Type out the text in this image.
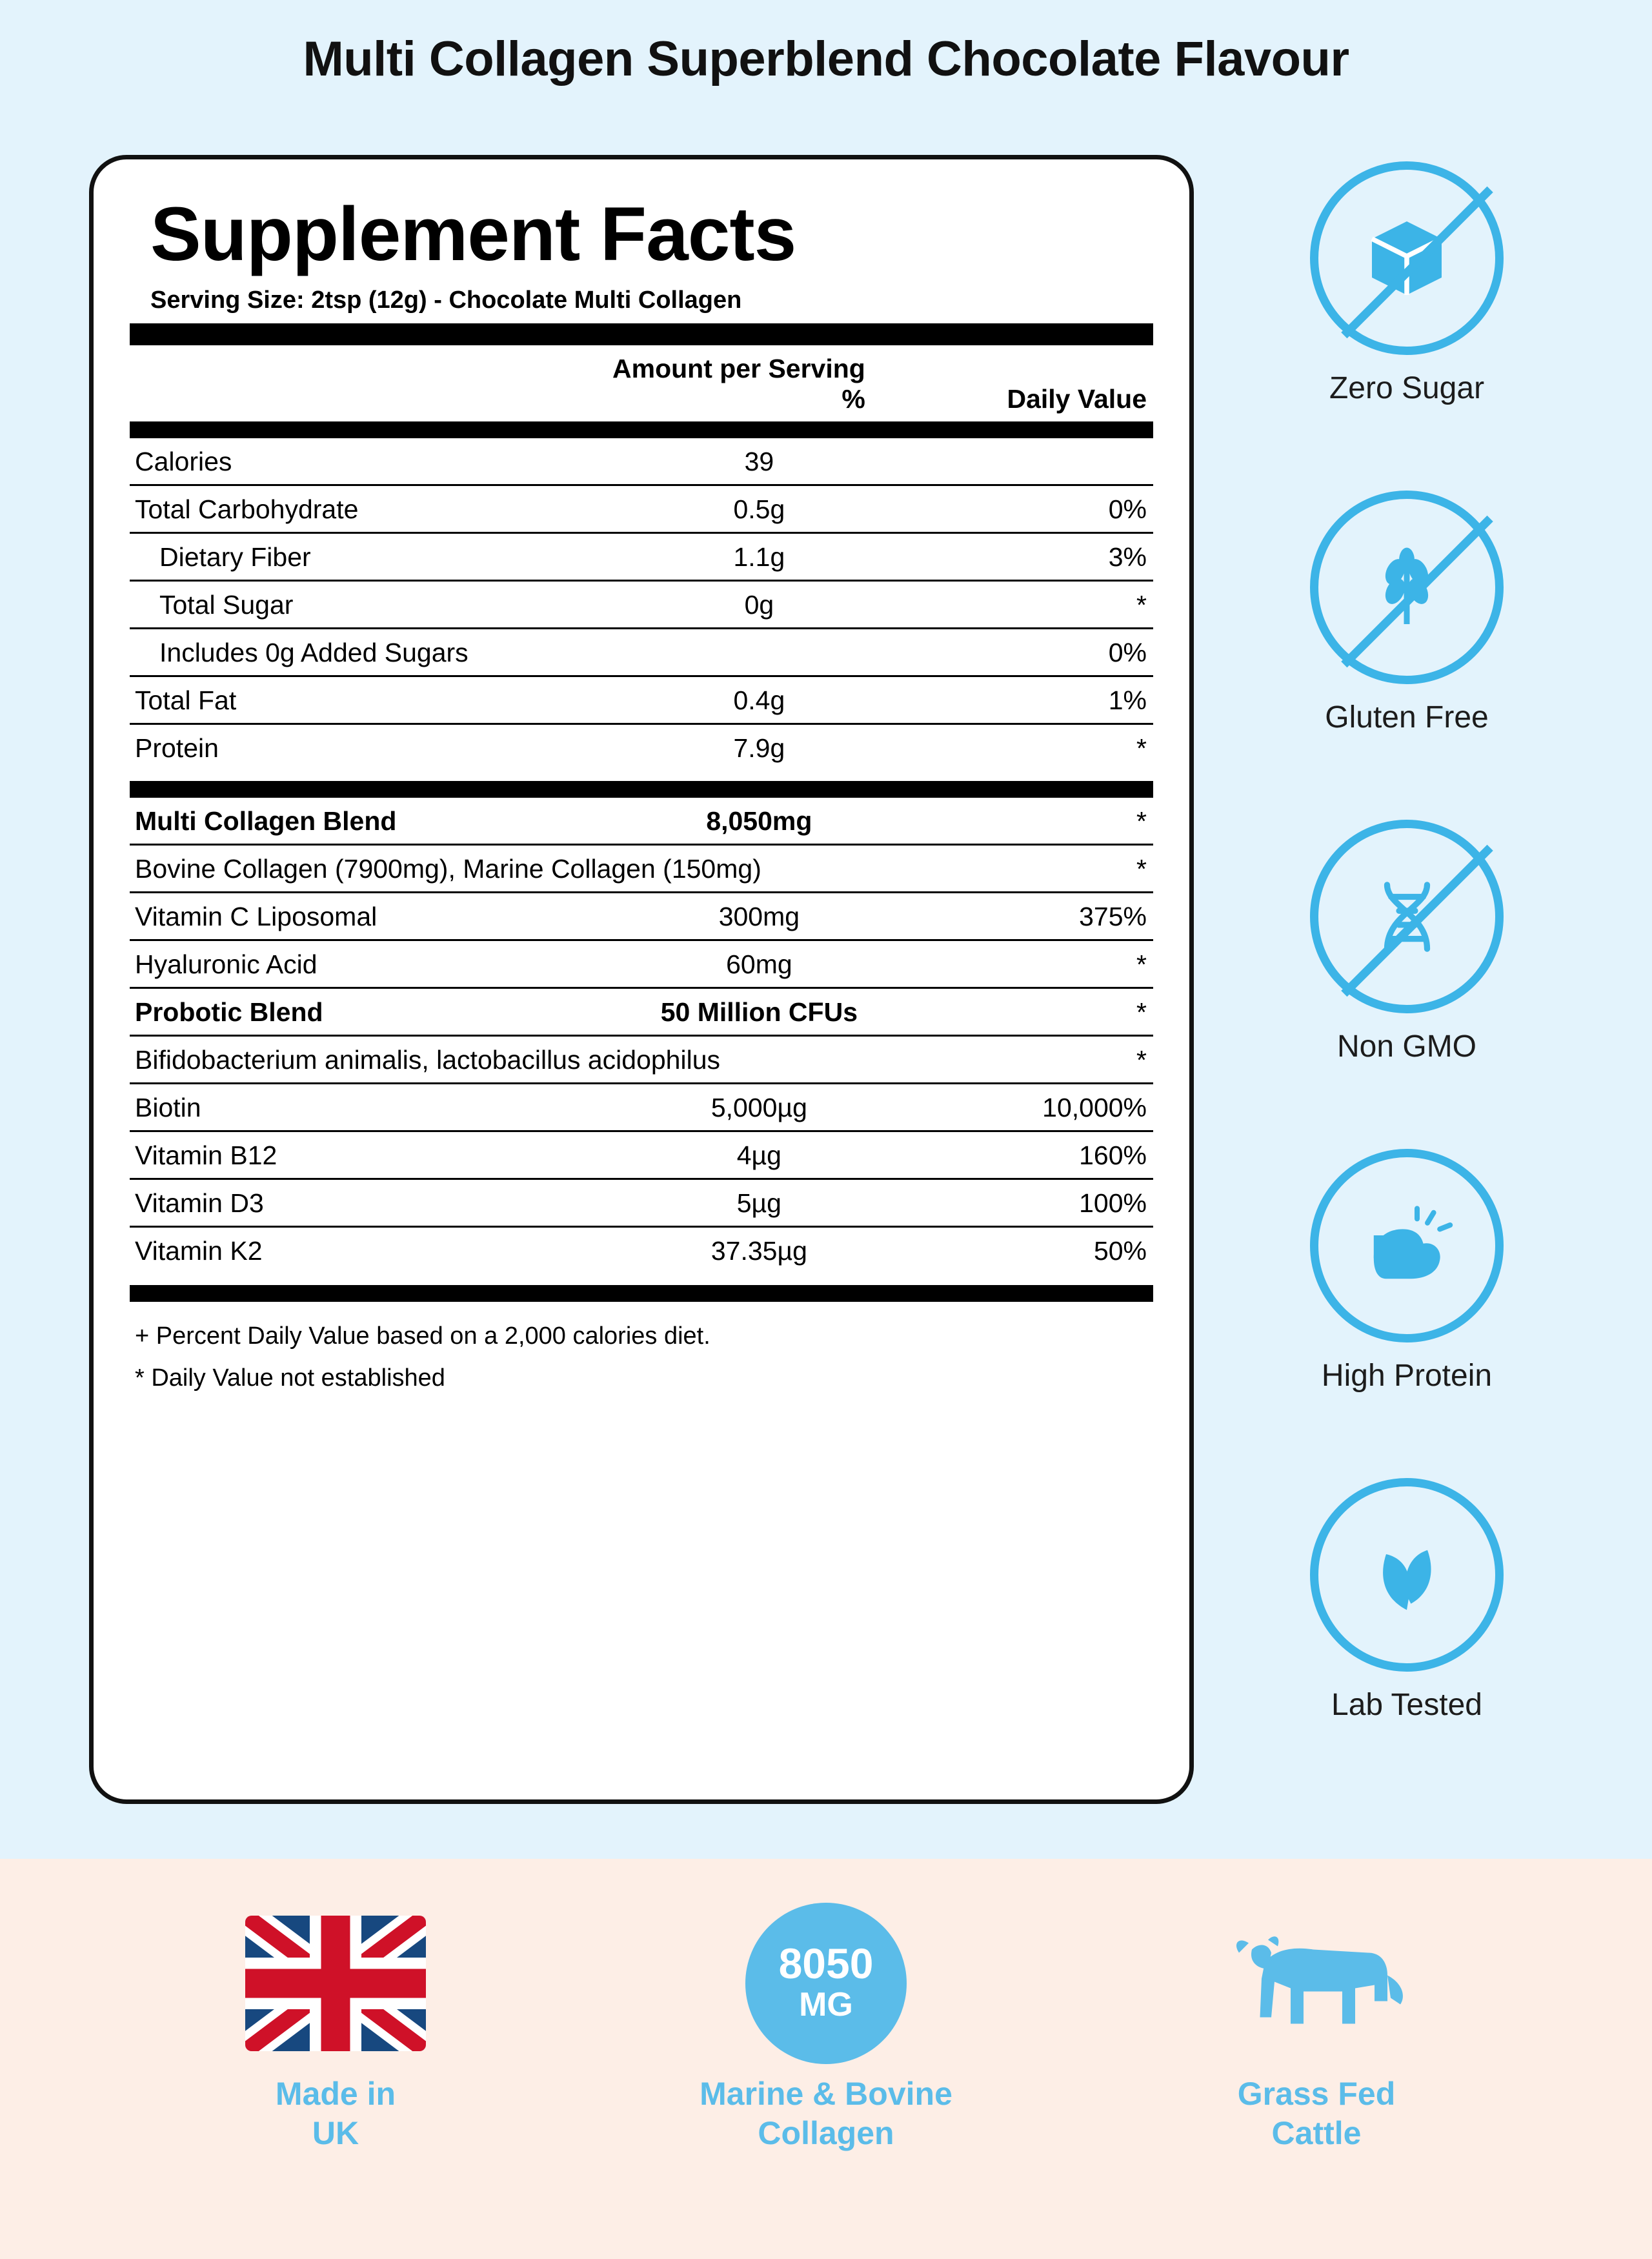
Multi Collagen Superblend Chocolate Flavour
Supplement Facts
Serving Size: 2tsp (12g) - Chocolate Multi Collagen
	Amount per Serving %	Daily Value
Calories	39	
Total Carbohydrate	0.5g	0%
Dietary Fiber	1.1g	3%
Total Sugar	0g	*
Includes 0g Added Sugars		0%
Total Fat	0.4g	1%
Protein	7.9g	*
Multi Collagen Blend	8,050mg	*
Bovine Collagen (7900mg), Marine Collagen (150mg)		*
Vitamin C Liposomal	300mg	375%
Hyaluronic Acid	60mg	*
Probotic Blend	50 Million CFUs	*
Bifidobacterium animalis, lactobacillus acidophilus		*
Biotin	5,000µg	10,000%
Vitamin B12	4µg	160%
Vitamin D3	5µg	100%
Vitamin K2	37.35µg	50%
+ Percent Daily Value based on a 2,000 calories diet.
* Daily Value not established
Zero Sugar
Gluten Free
Non GMO
High Protein
Lab Tested
Made in
UK
8050
MG
Marine & Bovine
Collagen
Grass Fed
Cattle
